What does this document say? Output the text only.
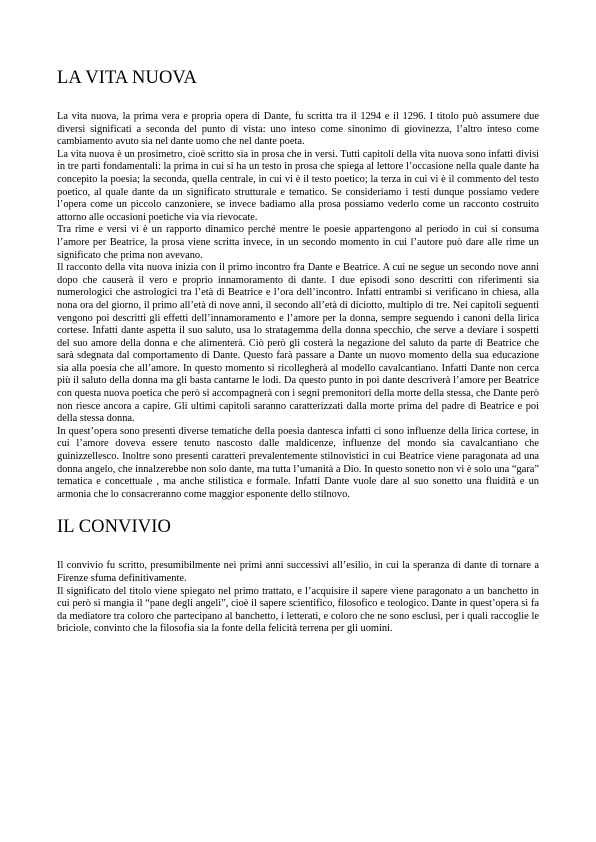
LA VITA NUOVA

La vita nuova, la prima vera e propria opera di Dante, fu scritta tra il 1294 e il 1296. I titolo può assumere due diversi significati a seconda del punto di vista: uno inteso come sinonimo di giovinezza, l’altro inteso come cambiamento avuto sia nel dante uomo che nel dante poeta.

La vita nuova è un prosimetro, cioè scritto sia in prosa che in versi. Tutti capitoli della vita nuova sono infatti divisi in tre parti fondamentali: la prima in cui si ha un testo in prosa che spiega al lettore l’occasione nella quale dante ha concepito la poesia; la seconda, quella centrale, in cui vi è il testo poetico; la terza in cui vi è il commento del testo poetico, al quale dante da un significato strutturale e tematico. Se consideriamo i testi dunque possiamo vedere l’opera come un piccolo canzoniere, se invece badiamo alla prosa possiamo vederlo come un racconto costruito attorno alle occasioni poetiche via via rievocate.

Tra rime e versi vi è un rapporto dinamico perché mentre le poesie appartengono al periodo in cui si consuma l’amore per Beatrice, la prosa viene scritta invece, in un secondo momento in cui l’autore può dare alle rime un significato che prima non avevano.

Il racconto della vita nuova inizia con il primo incontro fra Dante e Beatrice. A cui ne segue un secondo nove anni dopo che causerà il vero e proprio innamoramento di dante. I due episodi sono descritti con riferimenti sia numerologici che astrologici tra l’età di Beatrice e l’ora dell’incontro. Infatti entrambi si verificano in chiesa, alla nona ora del giorno, il primo all’età di nove anni, il secondo all’età di diciotto, multiplo di tre. Nei capitoli seguenti vengono poi descritti gli effetti dell’innamoramento e l’amore per la donna, sempre seguendo i canoni della lirica cortese. Infatti dante aspetta il suo saluto, usa lo stratagemma della donna specchio, che serve a deviare i sospetti del suo amore della donna e che alimenterà. Ciò però gli costerà la negazione del saluto da parte di Beatrice che sarà sdegnata dal comportamento di Dante. Questo farà passare a Dante un nuovo momento della sua educazione sia alla poesia che all’amore. In questo momento si ricollegherà al modello cavalcantiano. Infatti Dante non cerca più il saluto della donna ma gli basta cantarne le lodi. Da questo punto in poi dante descriverà l’amore per Beatrice con questa nuova poetica che però si accompagnerà con i segni premonitori della morte della stessa, che Dante però non riesce ancora a capire. Gli ultimi capitoli saranno caratterizzati dalla morte prima del padre di Beatrice e poi della stessa donna.

In quest’opera sono presenti diverse tematiche della poesia dantesca infatti ci sono influenze della lirica cortese, in cui l’amore doveva essere tenuto nascosto dalle maldicenze, influenze del mondo sia cavalcantiano che guinizzellesco. Inoltre sono presenti caratteri prevalentemente stilnovistici in cui Beatrice viene paragonata ad una donna angelo, che innalzerebbe non solo dante, ma tutta l’umanità a Dio. In questo sonetto non vi è solo una “gara” tematica e concettuale , ma anche stilistica e formale. Infatti Dante vuole dare al suo sonetto una fluidità e un armonia che lo consacreranno come maggior esponente dello stilnovo.

IL CONVIVIO

Il convivio fu scritto, presumibilmente nei primi anni successivi all’esilio, in cui la speranza di dante di tornare a Firenze sfuma definitivamente.

Il significato del titolo viene spiegato nel primo trattato, e l’acquisire il sapere viene paragonato a un banchetto in cui però si mangia il “pane degli angeli”, cioè il sapere scientifico, filosofico e teologico. Dante in quest’opera si fa da mediatore tra coloro che partecipano al banchetto, i letterati, e coloro che ne sono esclusi, per i quali raccoglie le briciole, convinto che la filosofia sia la fonte della felicità terrena per gli uomini.
